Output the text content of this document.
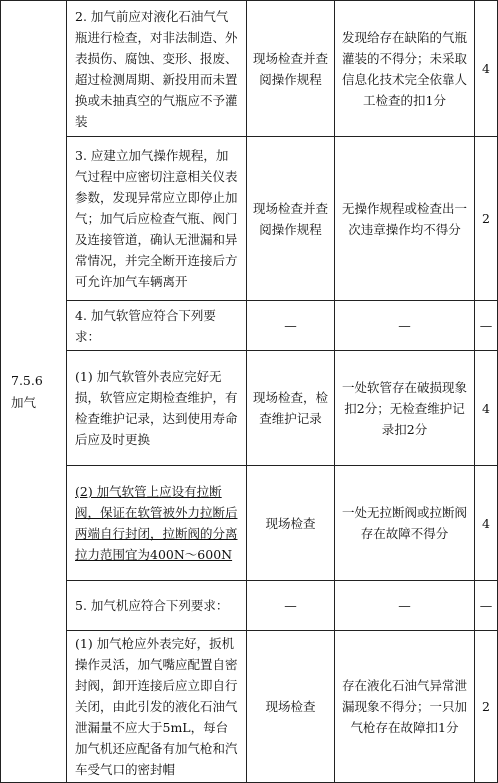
7.5.6
加气	2. 加气前应对液化石油气气瓶进行检查，对非法制造、外表损伤、腐蚀、变形、报废、超过检测周期、新投用而未置换或未抽真空的气瓶应不予灌装	现场检查并查阅操作规程	发现给存在缺陷的气瓶灌装的不得分；未采取信息化技术完全依靠人工检查的扣1分	4
	3. 应建立加气操作规程，加气过程中应密切注意相关仪表参数，发现异常应立即停止加气；加气后应检查气瓶、阀门及连接管道，确认无泄漏和异常情况，并完全断开连接后方可允许加气车辆离开	现场检查并查阅操作规程	无操作规程或检查出一次违章操作均不得分	2
	4. 加气软管应符合下列要求：	—	—	—
	(1) 加气软管外表应完好无损，软管应定期检查维护，有检查维护记录，达到使用寿命后应及时更换	现场检查，检查维护记录	一处软管存在破损现象扣2分；无检查维护记录扣2分	4
	(2) 加气软管上应设有拉断阀，保证在软管被外力拉断后两端自行封闭，拉断阀的分离拉力范围宜为400N～600N	现场检查	一处无拉断阀或拉断阀存在故障不得分	4
	5. 加气机应符合下列要求：	—	—	—
	(1) 加气枪应外表完好，扳机操作灵活，加气嘴应配置自密封阀，卸开连接后应立即自行关闭，由此引发的液化石油气泄漏量不应大于5mL，每台加气机还应配备有加气枪和汽车受气口的密封帽	现场检查	存在液化石油气异常泄漏现象不得分；一只加气枪存在故障扣1分	2
